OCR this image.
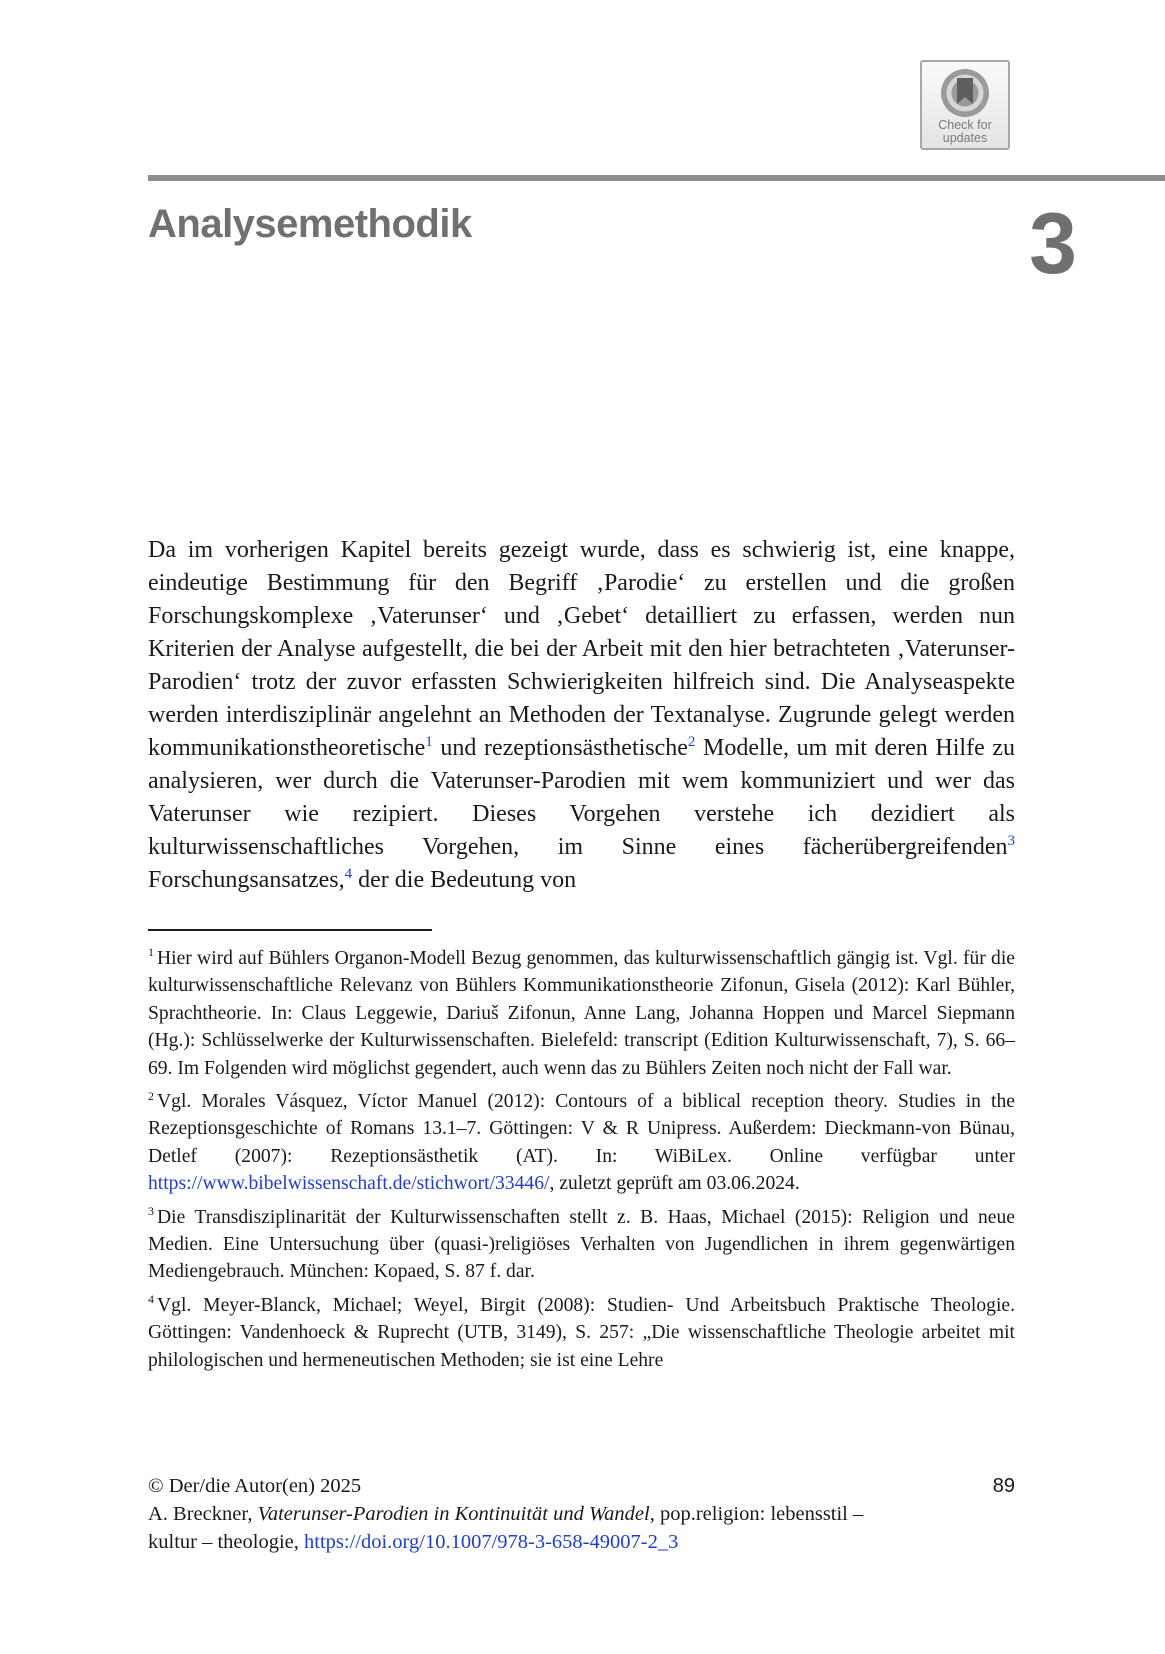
Check for
updates
Analysemethodik	3

Da im vorherigen Kapitel bereits gezeigt wurde, dass es schwierig ist, eine knappe, eindeutige Bestimmung für den Begriff ‚Parodie‘ zu erstellen und die großen Forschungskomplexe ‚Vaterunser‘ und ‚Gebet‘ detailliert zu erfassen, werden nun Kriterien der Analyse aufgestellt, die bei der Arbeit mit den hier betrachteten ‚Vaterunser-Parodien‘ trotz der zuvor erfassten Schwierigkeiten hilfreich sind. Die Analyseaspekte werden interdisziplinär angelehnt an Methoden der Textanalyse. Zugrunde gelegt werden kommunikationstheoretische$^1$ und rezeptionsästhetische$^2$ Modelle, um mit deren Hilfe zu analysieren, wer durch die Vaterunser-Parodien mit wem kommuniziert und wer das Vaterunser wie rezipiert. Dieses Vorgehen verstehe ich dezidiert als kulturwissenschaftliches Vorgehen, im Sinne eines fächerübergreifenden$^3$ Forschungsansatzes,$^4$ der die Bedeutung von

$^1$ Hier wird auf Bühlers Organon-Modell Bezug genommen, das kulturwissenschaftlich gängig ist. Vgl. für die kulturwissenschaftliche Relevanz von Bühlers Kommunikationstheorie Zifonun, Gisela (2012): Karl Bühler, Sprachtheorie. In: Claus Leggewie, Dariuš Zifonun, Anne Lang, Johanna Hoppen und Marcel Siepmann (Hg.): Schlüsselwerke der Kulturwissenschaften. Bielefeld: transcript (Edition Kulturwissenschaft, 7), S. 66–69. Im Folgenden wird möglichst gegendert, auch wenn das zu Bühlers Zeiten noch nicht der Fall war.

$^2$ Vgl. Morales Vásquez, Víctor Manuel (2012): Contours of a biblical reception theory. Studies in the Rezeptionsgeschichte of Romans 13.1–7. Göttingen: V & R Unipress. Außerdem: Dieckmann-von Bünau, Detlef (2007): Rezeptionsästhetik (AT). In: WiBiLex. Online verfügbar unter https://www.bibelwissenschaft.de/stichwort/33446/, zuletzt geprüft am 03.06.2024.

$^3$ Die Transdisziplinarität der Kulturwissenschaften stellt z. B. Haas, Michael (2015): Religion und neue Medien. Eine Untersuchung über (quasi-)religiöses Verhalten von Jugendlichen in ihrem gegenwärtigen Mediengebrauch. München: Kopaed, S. 87 f. dar.

$^4$ Vgl. Meyer-Blanck, Michael; Weyel, Birgit (2008): Studien- Und Arbeitsbuch Praktische Theologie. Göttingen: Vandenhoeck & Ruprecht (UTB, 3149), S. 257: „Die wissenschaftliche Theologie arbeitet mit philologischen und hermeneutischen Methoden; sie ist eine Lehre

© Der/die Autor(en) 2025
A. Breckner, Vaterunser-Parodien in Kontinuität und Wandel, pop.religion: lebensstil – kultur – theologie, https://doi.org/10.1007/978-3-658-49007-2_3
89
